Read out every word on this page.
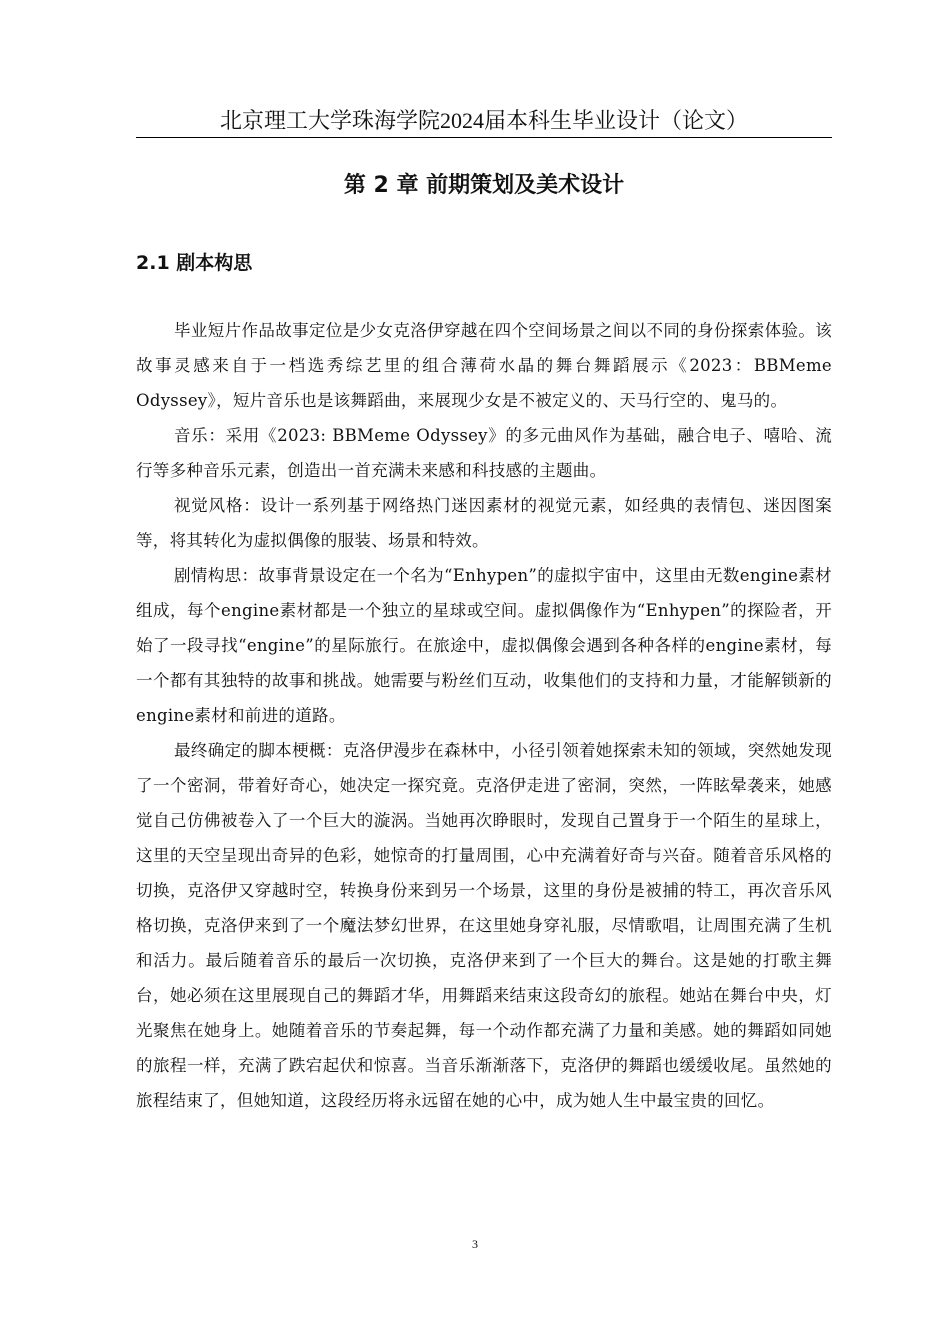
北京理工大学珠海学院2024届本科生毕业设计（论文）
第 2 章 前期策划及美术设计
2.1 剧本构思

毕业短片作品故事定位是少女克洛伊穿越在四个空间场景之间以不同的身份探索体验。该故事灵感来自于一档选秀综艺里的组合薄荷水晶的舞台舞蹈展示《2023：BBMeme Odyssey》，短片音乐也是该舞蹈曲，来展现少女是不被定义的、天马行空的、鬼马的。

音乐：采用《2023: BBMeme Odyssey》的多元曲风作为基础，融合电子、嘻哈、流行等多种音乐元素，创造出一首充满未来感和科技感的主题曲。

视觉风格：设计一系列基于网络热门迷因素材的视觉元素，如经典的表情包、迷因图案等，将其转化为虚拟偶像的服装、场景和特效。

剧情构思：故事背景设定在一个名为“Enhypen”的虚拟宇宙中，这里由无数engine素材组成，每个engine素材都是一个独立的星球或空间。虚拟偶像作为“Enhypen”的探险者，开始了一段寻找“engine”的星际旅行。在旅途中，虚拟偶像会遇到各种各样的engine素材，每一个都有其独特的故事和挑战。她需要与粉丝们互动，收集他们的支持和力量，才能解锁新的engine素材和前进的道路。

最终确定的脚本梗概：克洛伊漫步在森林中，小径引领着她探索未知的领域，突然她发现了一个密洞，带着好奇心，她决定一探究竟。克洛伊走进了密洞，突然，一阵眩晕袭来，她感觉自己仿佛被卷入了一个巨大的漩涡。当她再次睁眼时，发现自己置身于一个陌生的星球上，这里的天空呈现出奇异的色彩，她惊奇的打量周围，心中充满着好奇与兴奋。随着音乐风格的切换，克洛伊又穿越时空，转换身份来到另一个场景，这里的身份是被捕的特工，再次音乐风格切换，克洛伊来到了一个魔法梦幻世界，在这里她身穿礼服，尽情歌唱，让周围充满了生机和活力。最后随着音乐的最后一次切换，克洛伊来到了一个巨大的舞台。这是她的打歌主舞台，她必须在这里展现自己的舞蹈才华，用舞蹈来结束这段奇幻的旅程。她站在舞台中央，灯光聚焦在她身上。她随着音乐的节奏起舞，每一个动作都充满了力量和美感。她的舞蹈如同她的旅程一样，充满了跌宕起伏和惊喜。当音乐渐渐落下，克洛伊的舞蹈也缓缓收尾。虽然她的旅程结束了，但她知道，这段经历将永远留在她的心中，成为她人生中最宝贵的回忆。

3
